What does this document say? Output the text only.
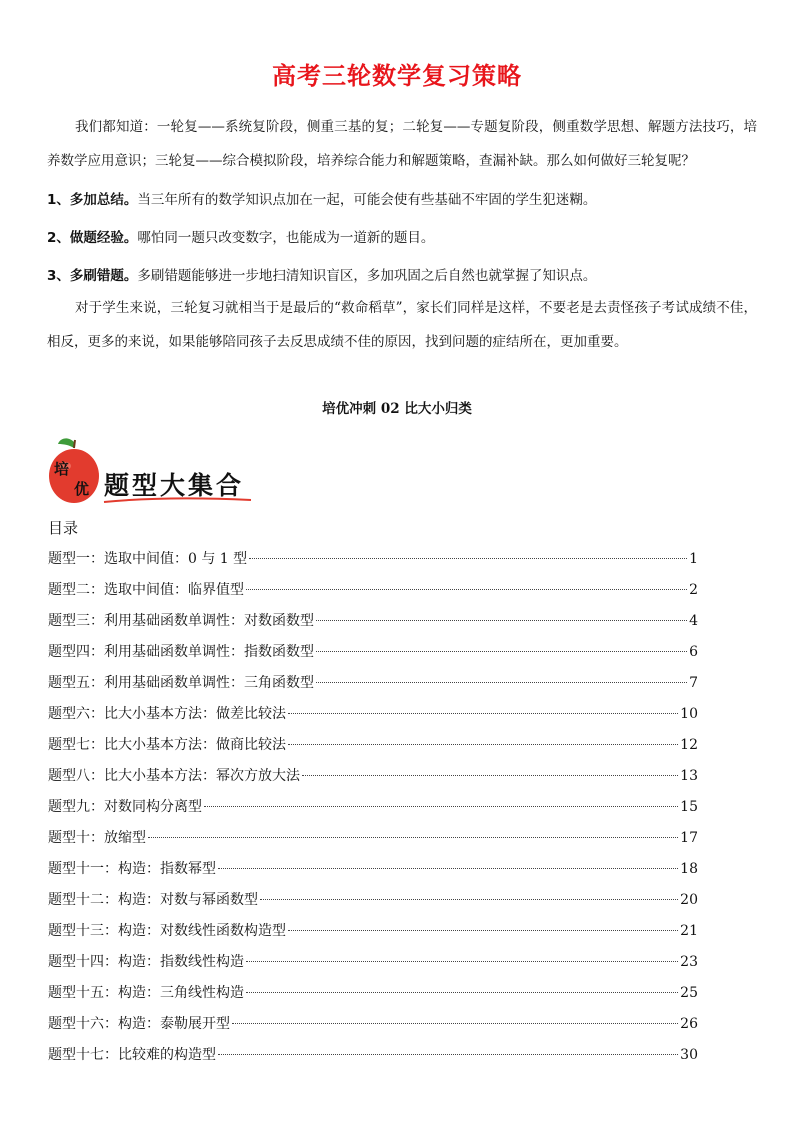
高考三轮数学复习策略
我们都知道：一轮复——系统复阶段，侧重三基的复；二轮复——专题复阶段，侧重数学思想、解题方法技巧，培养数学应用意识；三轮复——综合模拟阶段，培养综合能力和解题策略，查漏补缺。那么如何做好三轮复呢？
1、多加总结。当三年所有的数学知识点加在一起，可能会使有些基础不牢固的学生犯迷糊。
2、做题经验。哪怕同一题只改变数字，也能成为一道新的题目。
3、多刷错题。多刷错题能够进一步地扫清知识盲区，多加巩固之后自然也就掌握了知识点。
对于学生来说，三轮复习就相当于是最后的“救命稻草”，家长们同样是这样，不要老是去责怪孩子考试成绩不佳，相反，更多的来说，如果能够陪同孩子去反思成绩不佳的原因，找到问题的症结所在，更加重要。
培优冲刺 02 比大小归类
培
优 题型大集合
目录
题型一：选取中间值：0 与 1 型	1
题型二：选取中间值：临界值型	2
题型三：利用基础函数单调性：对数函数型	4
题型四：利用基础函数单调性：指数函数型	6
题型五：利用基础函数单调性：三角函数型	7
题型六：比大小基本方法：做差比较法	10
题型七：比大小基本方法：做商比较法	12
题型八：比大小基本方法：幂次方放大法	13
题型九：对数同构分离型	15
题型十：放缩型	17
题型十一：构造：指数幂型	18
题型十二：构造：对数与幂函数型	20
题型十三：构造：对数线性函数构造型	21
题型十四：构造：指数线性构造	23
题型十五：构造：三角线性构造	25
题型十六：构造：泰勒展开型	26
题型十七：比较难的构造型	30
